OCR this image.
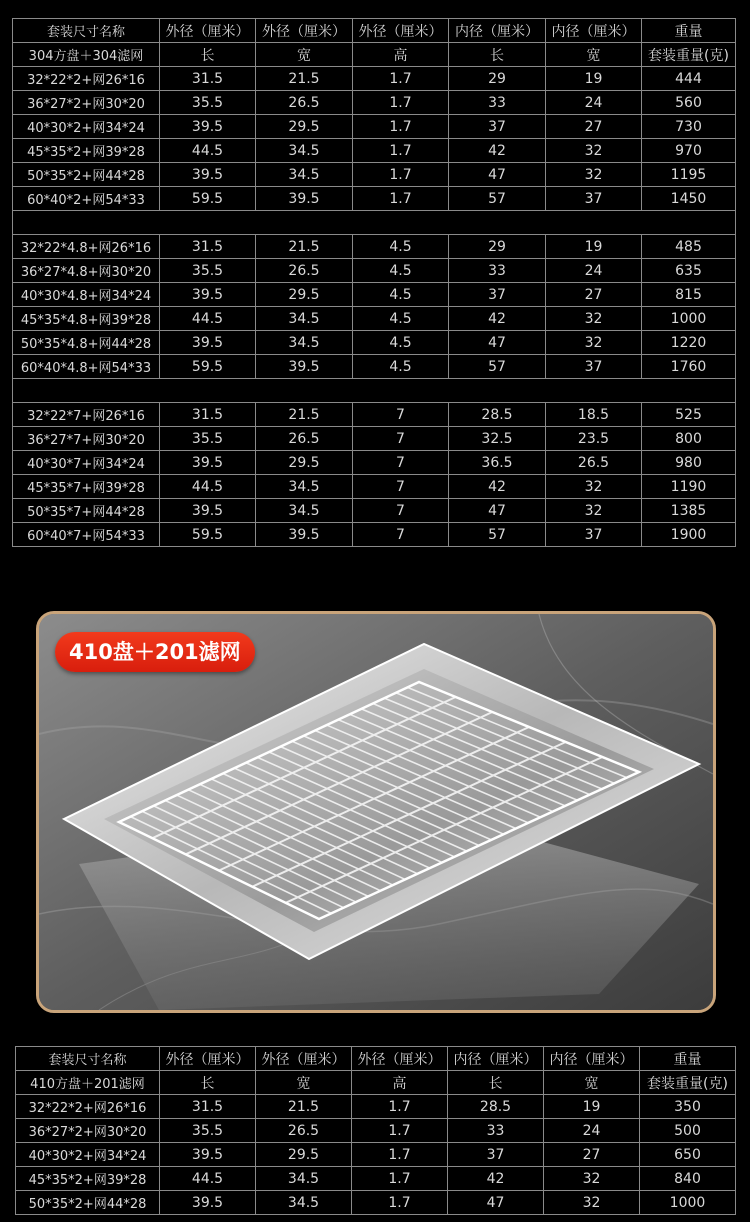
套装尺寸名称	外径（厘米）	外径（厘米）	外径（厘米）	内径（厘米）	内径（厘米）	重量
304方盘＋304滤网	长	宽	高	长	宽	套装重量(克)
32*22*2+网26*16	31.5	21.5	1.7	29	19	444
36*27*2+网30*20	35.5	26.5	1.7	33	24	560
40*30*2+网34*24	39.5	29.5	1.7	37	27	730
45*35*2+网39*28	44.5	34.5	1.7	42	32	970
50*35*2+网44*28	39.5	34.5	1.7	47	32	1195
60*40*2+网54*33	59.5	39.5	1.7	57	37	1450

32*22*4.8+网26*16	31.5	21.5	4.5	29	19	485
36*27*4.8+网30*20	35.5	26.5	4.5	33	24	635
40*30*4.8+网34*24	39.5	29.5	4.5	37	27	815
45*35*4.8+网39*28	44.5	34.5	4.5	42	32	1000
50*35*4.8+网44*28	39.5	34.5	4.5	47	32	1220
60*40*4.8+网54*33	59.5	39.5	4.5	57	37	1760

32*22*7+网26*16	31.5	21.5	7	28.5	18.5	525
36*27*7+网30*20	35.5	26.5	7	32.5	23.5	800
40*30*7+网34*24	39.5	29.5	7	36.5	26.5	980
45*35*7+网39*28	44.5	34.5	7	42	32	1190
50*35*7+网44*28	39.5	34.5	7	47	32	1385
60*40*7+网54*33	59.5	39.5	7	57	37	1900
410盘＋201滤网
套装尺寸名称	外径（厘米）	外径（厘米）	外径（厘米）	内径（厘米）	内径（厘米）	重量
410方盘＋201滤网	长	宽	高	长	宽	套装重量(克)
32*22*2+网26*16	31.5	21.5	1.7	28.5	19	350
36*27*2+网30*20	35.5	26.5	1.7	33	24	500
40*30*2+网34*24	39.5	29.5	1.7	37	27	650
45*35*2+网39*28	44.5	34.5	1.7	42	32	840
50*35*2+网44*28	39.5	34.5	1.7	47	32	1000
